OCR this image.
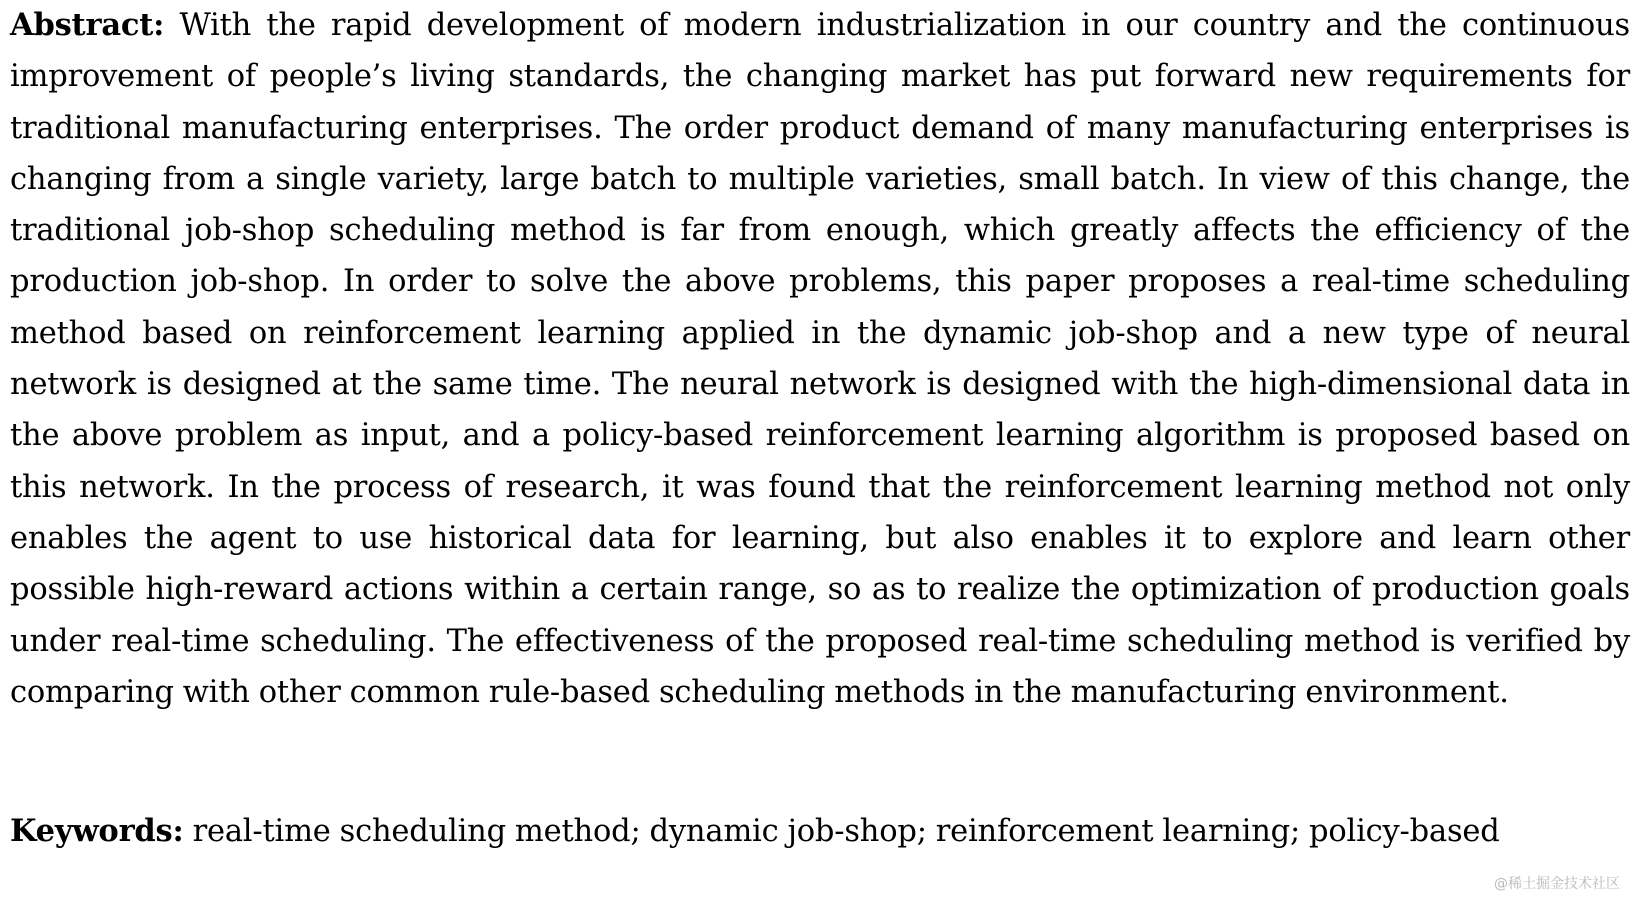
Abstract: With the rapid development of modern industrialization in our country and the continuous improvement of people’s living standards, the changing market has put forward new requirements for traditional manufacturing enterprises. The order product demand of many manufacturing enterprises is changing from a single variety, large batch to multiple varieties, small batch. In view of this change, the traditional job-shop scheduling method is far from enough, which greatly affects the efficiency of the production job-shop. In order to solve the above problems, this paper proposes a real-time scheduling method based on reinforcement learning applied in the dynamic job-shop and a new type of neural network is designed at the same time. The neural network is designed with the high-dimensional data in the above problem as input, and a policy-based reinforcement learning algorithm is proposed based on this network. In the process of research, it was found that the reinforcement learning method not only enables the agent to use historical data for learning, but also enables it to explore and learn other possible high-reward actions within a certain range, so as to realize the optimization of production goals under real-time scheduling. The effectiveness of the proposed real-time scheduling method is verified by comparing with other common rule-based scheduling methods in the manufacturing environment.

Keywords: real-time scheduling method; dynamic job-shop; reinforcement learning; policy-based

@稀土掘金技术社区
